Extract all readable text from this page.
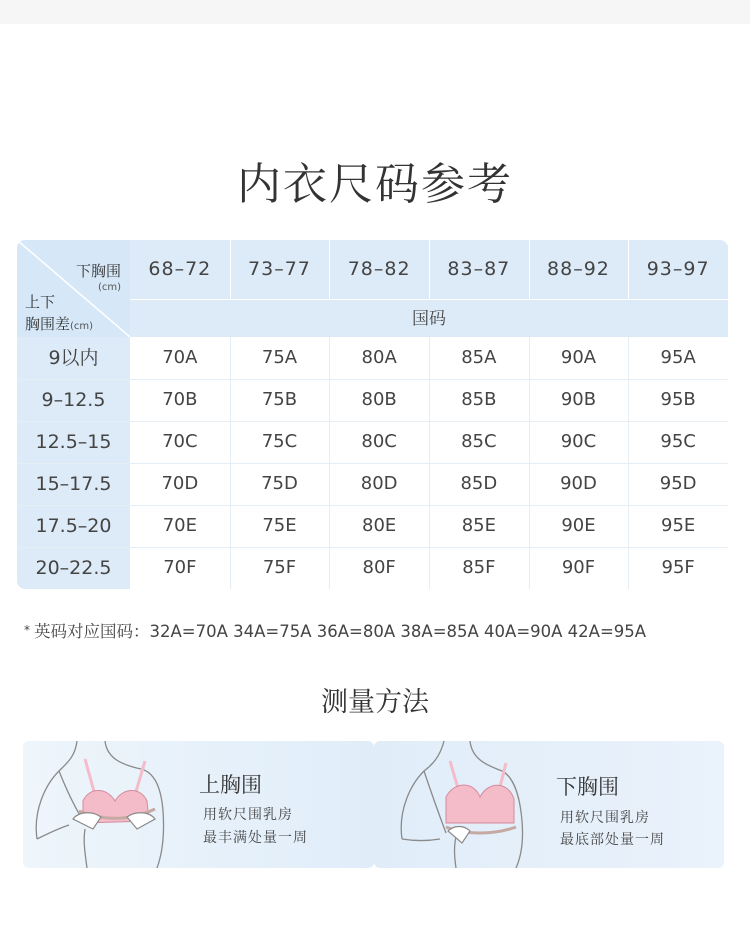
内衣尺码参考
下胸围
(cm)
上下
胸围差(cm)
68–72	73–77	78–82	83–87	88–92	93–97
国码
9以内	70A	75A	80A	85A	90A	95A
9–12.5	70B	75B	80B	85B	90B	95B
12.5–15	70C	75C	80C	85C	90C	95C
15–17.5	70D	75D	80D	85D	90D	95D
17.5–20	70E	75E	80E	85E	90E	95E
20–22.5	70F	75F	80F	85F	90F	95F
* 英码对应国码：32A=70A 34A=75A 36A=80A 38A=85A 40A=90A 42A=95A
测量方法
上胸围
用软尺围乳房
最丰满处量一周
下胸围
用软尺围乳房
最底部处量一周
